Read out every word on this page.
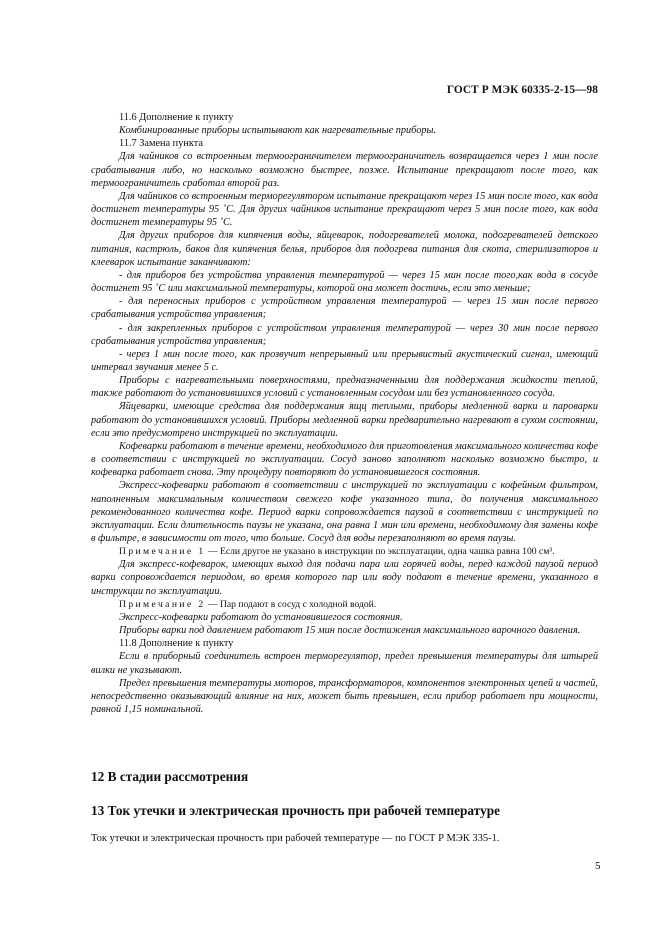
ГОСТ Р МЭК 60335-2-15—98

11.6 Дополнение к пункту

Комбинированные приборы испытывают как нагревательные приборы.

11.7 Замена пункта

Для чайников со встроенным термоограничителем термоограничитель возвращается через 1 мин после срабатывания либо, но насколько возможно быстрее, позже. Испытание прекращают после того, как термоограничитель сработал второй раз.

Для чайников со встроенным терморегулятором испытание прекращают через 15 мин после того, как вода достигнет температуры 95 ˚С. Для других чайников испытание прекращают через 5 мин после того, как вода достигнет температуры 95 ˚С.

Для других приборов для кипячения воды, яйцеварок, подогревателей молока, подогревателей детского питания, кастрюль, баков для кипячения белья, приборов для подогрева питания для скота, стерилизаторов и клееварок испытание заканчивают:

- для приборов без устройства управления температурой — через 15 мин после того,как вода в сосуде достигнет 95 ˚С или максимальной температуры, которой она может достичь, если это меньше;

- для переносных приборов с устройством управления температурой — через 15 мин после первого срабатывания устройства управления;

- для закрепленных приборов с устройством управления температурой — через 30 мин после первого срабатывания устройства управления;

- через 1 мин после того, как прозвучит непрерывный или прерывистый акустический сигнал, имеющий интервал звучания менее 5 с.

Приборы с нагревательными поверхностями, предназначенными для поддержания жидкости теплой, также работают до установившихся условий с установленным сосудом или без установленного сосуда.

Яйцеварки, имеющие средства для поддержания ящц теплыми, приборы медленной варки и пароварки работают до установившихся условий. Приборы медленной варки предварительно нагревают в сухом состоянии, если это предусмотрено инструкцией по эксплуатации.

Кофеварки работают в течение времени, необходимого для приготовления максимального количества кофе в соответствии с инструкцией по эксплуатации. Сосуд заново заполняют насколько возможно быстро, и кофеварка работает снова. Эту процедуру повторяют до установившегося состояния.

Экспресс-кофеварки работают в соответствии с инструкцией по эксплуатации с кофейным фильтром, наполненным максимальным количеством свежего кофе указанного типа, до получения максимального рекомендованного количества кофе. Период варки сопровождается паузой в соответствии с инструкцией по эксплуатации. Если длительность паузы не указана, она равна 1 мин или времени, необходимому для замены кофе в фильтре, в зависимости от того, что больше. Сосуд для воды перезаполняют во время паузы.

Примечание 1 — Если другое не указано в инструкции по эксплуатации, одна чашка равна 100 см³.

Для экспресс-кофеварок, имеющих выход для подачи пара или горячей воды, перед каждой паузой период варки сопровождается периодом, во время которого пар или воду подают в течение времени, указанного в инструкции по эксплуатации.

Примечание 2 — Пар подают в сосуд с холодной водой.

Экспресс-кофеварки работают до установившегося состояния.

Приборы варки под давлением работают 15 мин после достижения максимального варочного давления.

11.8 Дополнение к пункту

Если в приборный соединитель встроен терморегулятор, предел превышения температуры для штырей вилки не указывают.

Предел превышения температуры моторов, трансформаторов, компонентов электронных цепей и частей, непосредственно оказывающий влияние на них, может быть превышен, если прибор работает при мощности, равной 1,15 номинальной.

12 В стадии рассмотрения
13 Ток утечки и электрическая прочность при рабочей температуре

Ток утечки и электрическая прочность при рабочей температуре — по ГОСТ Р МЭК 335-1.

5
